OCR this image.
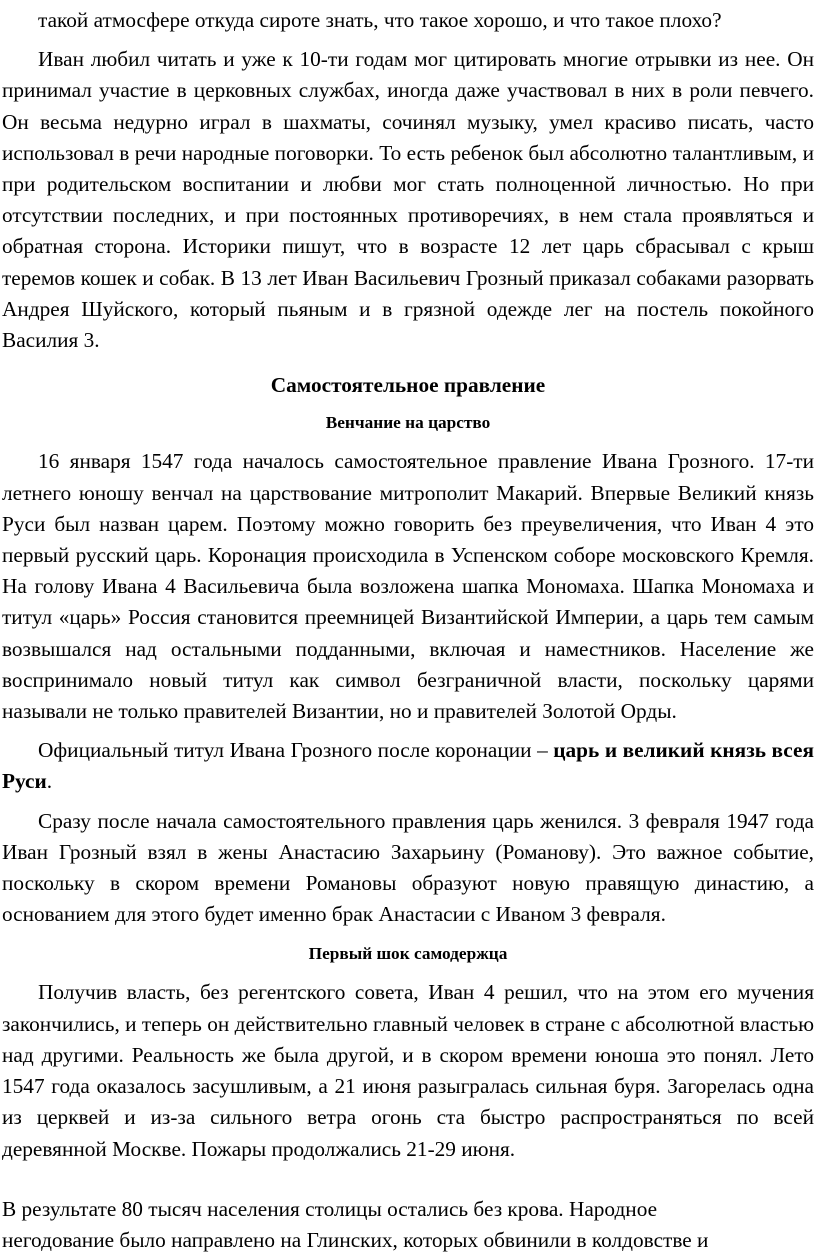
такой атмосфере откуда сироте знать, что такое хорошо, и что такое плохо?

Иван любил читать и уже к 10-ти годам мог цитировать многие отрывки из нее. Он принимал участие в церковных службах, иногда даже участвовал в них в роли певчего. Он весьма недурно играл в шахматы, сочинял музыку, умел красиво писать, часто использовал в речи народные поговорки. То есть ребенок был абсолютно талантливым, и при родительском воспитании и любви мог стать полноценной личностью. Но при отсутствии последних, и при постоянных противоречиях, в нем стала проявляться и обратная сторона. Историки пишут, что в возрасте 12 лет царь сбрасывал с крыш теремов кошек и собак. В 13 лет Иван Васильевич Грозный приказал собаками разорвать Андрея Шуйского, который пьяным и в грязной одежде лег на постель покойного Василия 3.

Самостоятельное правление
Венчание на царство

16 января 1547 года началось самостоятельное правление Ивана Грозного. 17-ти летнего юношу венчал на царствование митрополит Макарий. Впервые Великий князь Руси был назван царем. Поэтому можно говорить без преувеличения, что Иван 4 это первый русский царь. Коронация происходила в Успенском соборе московского Кремля. На голову Ивана 4 Васильевича была возложена шапка Мономаха. Шапка Мономаха и титул «царь» Россия становится преемницей Византийской Империи, а царь тем самым возвышался над остальными подданными, включая и наместников. Население же воспринимало новый титул как символ безграничной власти, поскольку царями называли не только правителей Византии, но и правителей Золотой Орды.

Официальный титул Ивана Грозного после коронации – царь и великий князь всея Руси.

Сразу после начала самостоятельного правления царь женился. 3 февраля 1947 года Иван Грозный взял в жены Анастасию Захарьину (Романову). Это важное событие, поскольку в скором времени Романовы образуют новую правящую династию, а основанием для этого будет именно брак Анастасии с Иваном 3 февраля.

Первый шок самодержца

Получив власть, без регентского совета, Иван 4 решил, что на этом его мучения закончились, и теперь он действительно главный человек в стране с абсолютной властью над другими. Реальность же была другой, и в скором времени юноша это понял. Лето 1547 года оказалось засушливым, а 21 июня разыгралась сильная буря. Загорелась одна из церквей и из-за сильного ветра огонь ста быстро распространяться по всей деревянной Москве. Пожары продолжались 21-29 июня.

В результате 80 тысяч населения столицы остались без крова. Народное
негодование было направлено на Глинских, которых обвинили в колдовстве и
